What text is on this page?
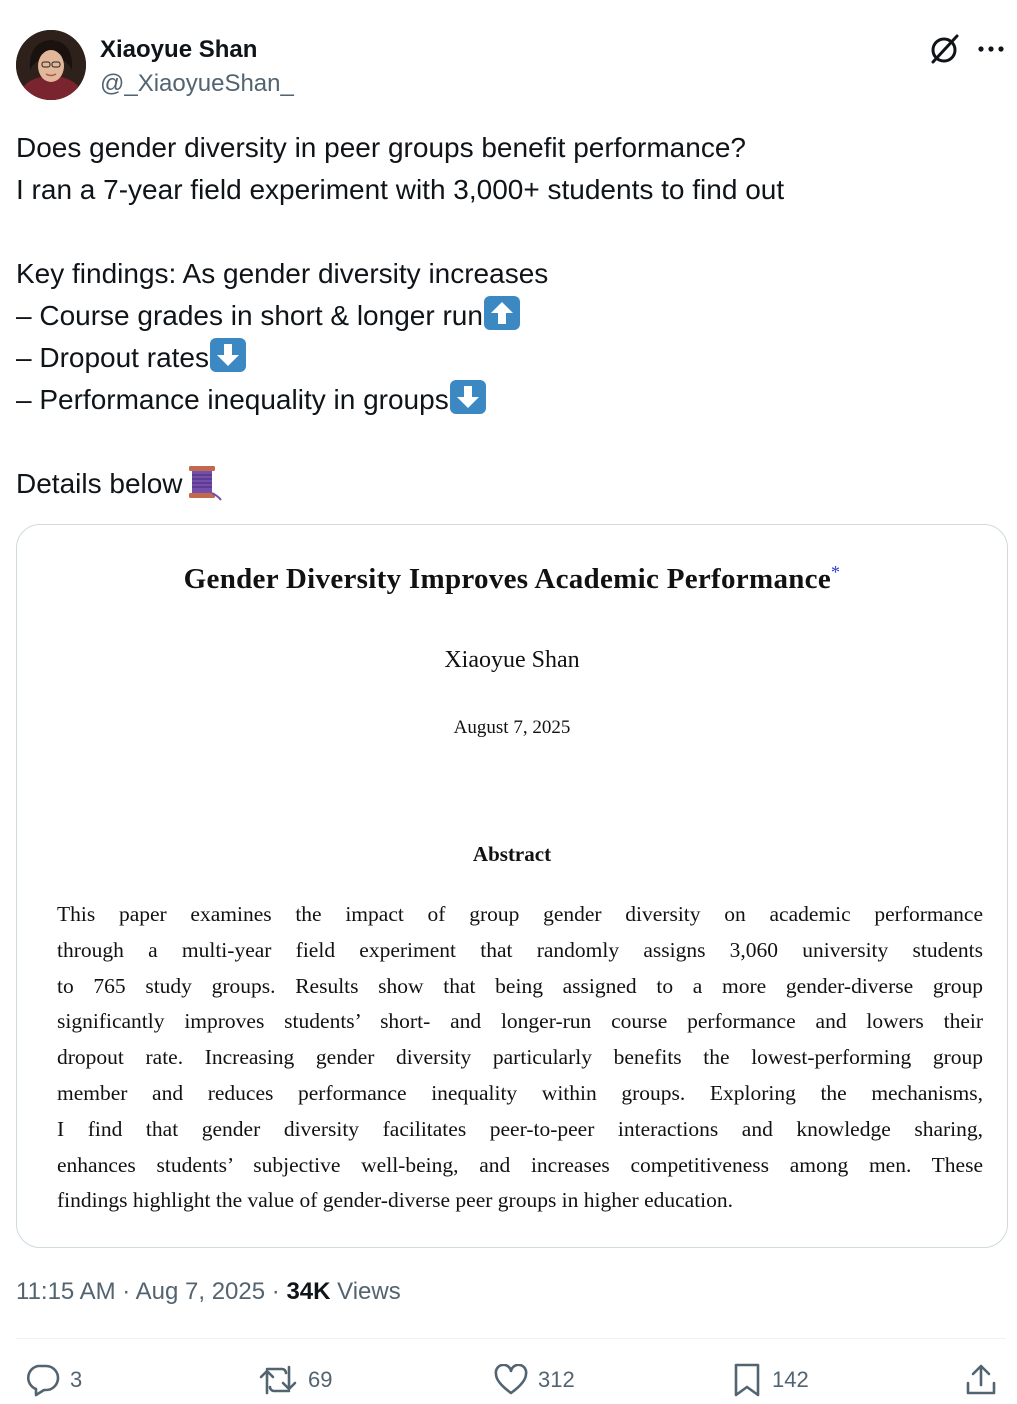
Xiaoyue Shan
@_XiaoyueShan_
Does gender diversity in peer groups benefit performance?
I ran a 7-year field experiment with 3,000+ students to find out
Key findings: As gender diversity increases
– Course grades in short & longer run
– Dropout rates
– Performance inequality in groups
Details below
Gender Diversity Improves Academic Performance*
Xiaoyue Shan
August 7, 2025
Abstract
This paper examines the impact of group gender diversity on academic performance
through a multi-year field experiment that randomly assigns 3,060 university students
to 765 study groups. Results show that being assigned to a more gender-diverse group
significantly improves students’ short- and longer-run course performance and lowers their
dropout rate. Increasing gender diversity particularly benefits the lowest-performing group
member and reduces performance inequality within groups. Exploring the mechanisms,
I find that gender diversity facilitates peer-to-peer interactions and knowledge sharing,
enhances students’ subjective well-being, and increases competitiveness among men. These
findings highlight the value of gender-diverse peer groups in higher education.
11:15 AM · Aug 7, 2025 · 34K Views
3	69	312	142
